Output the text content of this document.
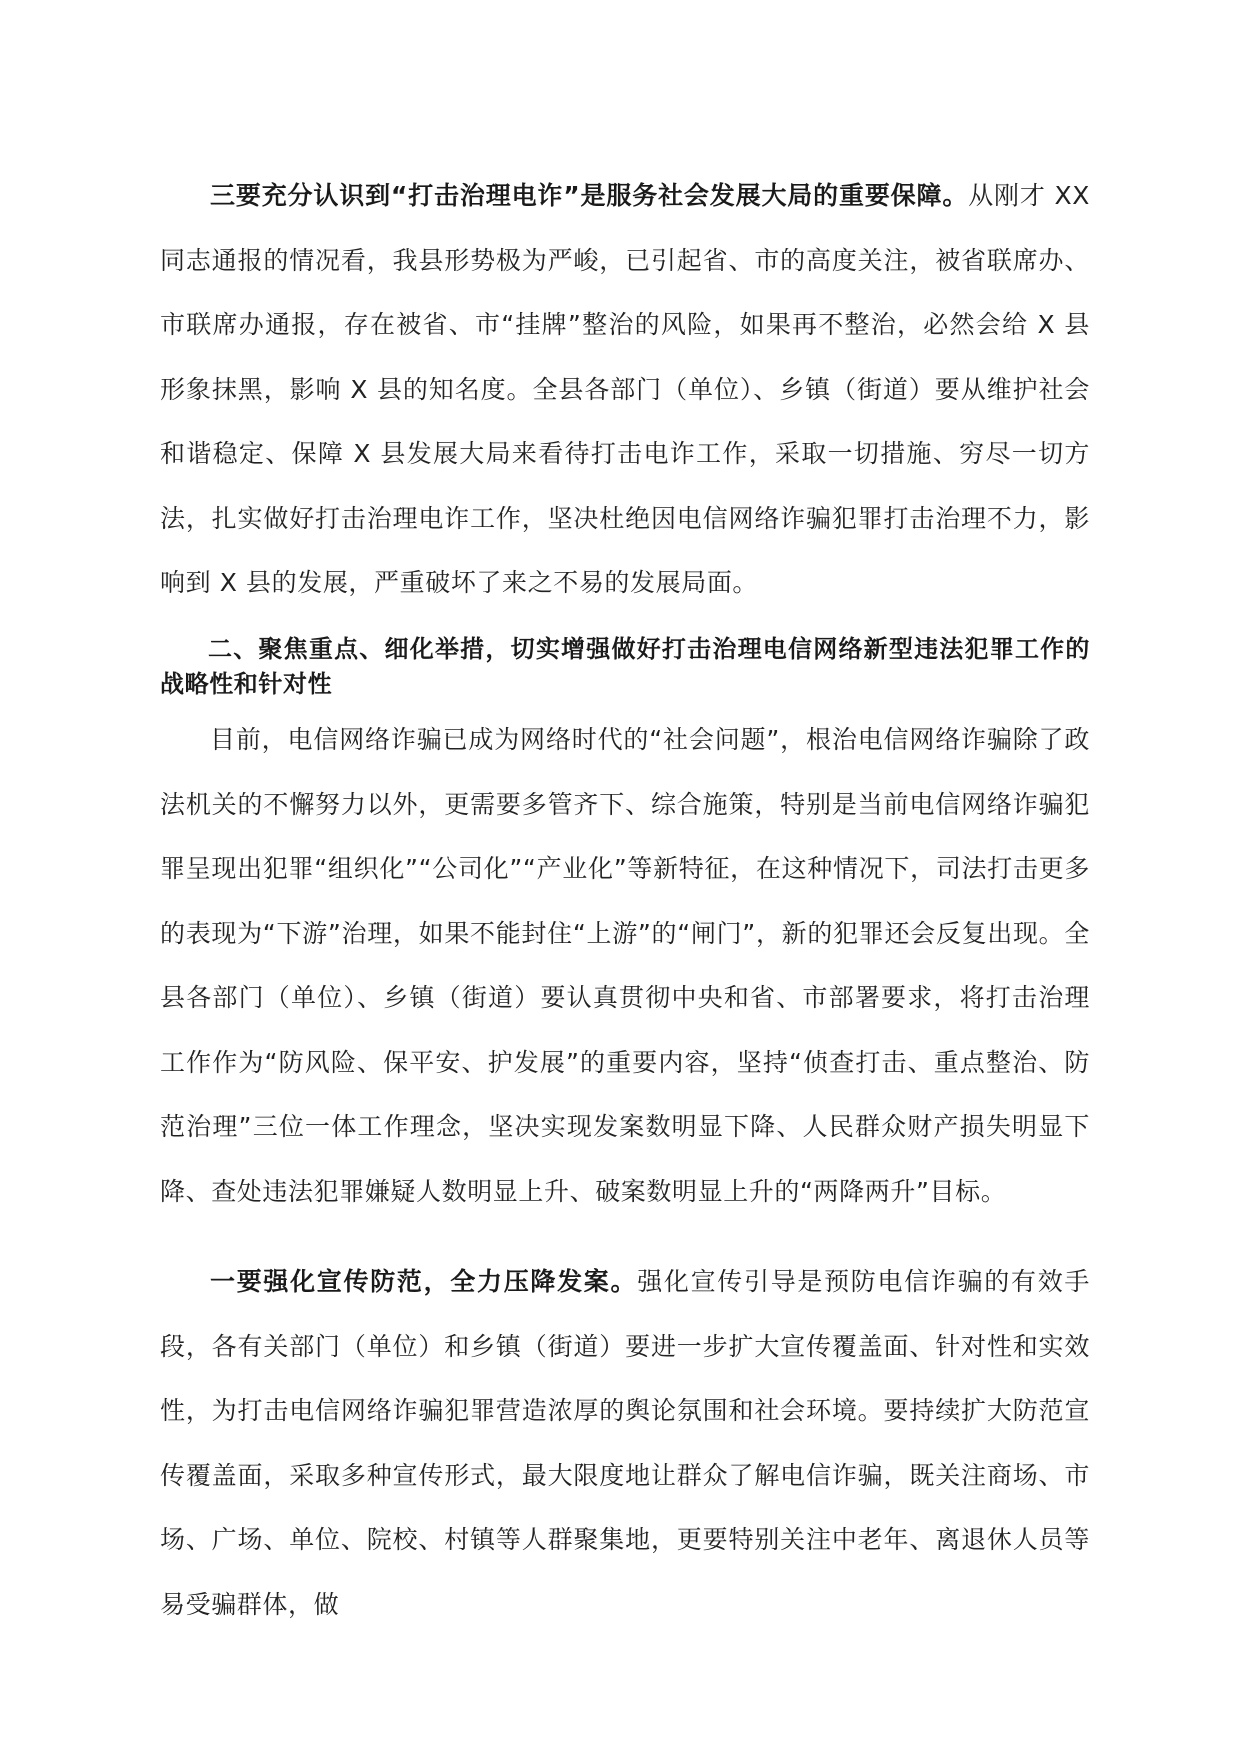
三要充分认识到“打击治理电诈”是服务社会发展大局的重要保障。从刚才 XX 同志通报的情况看，我县形势极为严峻，已引起省、市的高度关注，被省联席办、市联席办通报，存在被省、市“挂牌”整治的风险，如果再不整治，必然会给 X 县形象抹黑，影响 X 县的知名度。全县各部门（单位）、乡镇（街道）要从维护社会和谐稳定、保障 X 县发展大局来看待打击电诈工作，采取一切措施、穷尽一切方法，扎实做好打击治理电诈工作，坚决杜绝因电信网络诈骗犯罪打击治理不力，影响到 X 县的发展，严重破坏了来之不易的发展局面。

二、聚焦重点、细化举措，切实增强做好打击治理电信网络新型违法犯罪工作的战略性和针对性

目前，电信网络诈骗已成为网络时代的“社会问题”，根治电信网络诈骗除了政法机关的不懈努力以外，更需要多管齐下、综合施策，特别是当前电信网络诈骗犯罪呈现出犯罪“组织化”“公司化”“产业化”等新特征，在这种情况下，司法打击更多的表现为“下游”治理，如果不能封住“上游”的“闸门”，新的犯罪还会反复出现。全县各部门（单位）、乡镇（街道）要认真贯彻中央和省、市部署要求，将打击治理工作作为“防风险、保平安、护发展”的重要内容，坚持“侦查打击、重点整治、防范治理”三位一体工作理念，坚决实现发案数明显下降、人民群众财产损失明显下降、查处违法犯罪嫌疑人数明显上升、破案数明显上升的“两降两升”目标。

一要强化宣传防范，全力压降发案。强化宣传引导是预防电信诈骗的有效手段，各有关部门（单位）和乡镇（街道）要进一步扩大宣传覆盖面、针对性和实效性，为打击电信网络诈骗犯罪营造浓厚的舆论氛围和社会环境。要持续扩大防范宣传覆盖面，采取多种宣传形式，最大限度地让群众了解电信诈骗，既关注商场、市场、广场、单位、院校、村镇等人群聚集地，更要特别关注中老年、离退休人员等易受骗群体，做
